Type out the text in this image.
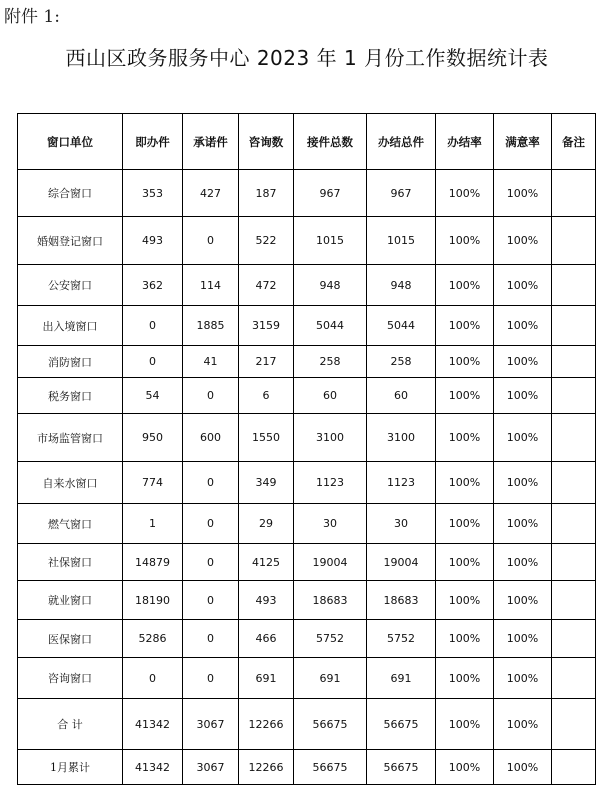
附件 1:
西山区政务服务中心 2023 年 1 月份工作数据统计表
窗口单位	即办件	承诺件	咨询数	接件总数	办结总件	办结率	满意率	备注
综合窗口	353	427	187	967	967	100%	100%	
婚姻登记窗口	493	0	522	1015	1015	100%	100%	
公安窗口	362	114	472	948	948	100%	100%	
出入境窗口	0	1885	3159	5044	5044	100%	100%	
消防窗口	0	41	217	258	258	100%	100%	
税务窗口	54	0	6	60	60	100%	100%	
市场监管窗口	950	600	1550	3100	3100	100%	100%	
自来水窗口	774	0	349	1123	1123	100%	100%	
燃气窗口	1	0	29	30	30	100%	100%	
社保窗口	14879	0	4125	19004	19004	100%	100%	
就业窗口	18190	0	493	18683	18683	100%	100%	
医保窗口	5286	0	466	5752	5752	100%	100%	
咨询窗口	0	0	691	691	691	100%	100%	
合 计	41342	3067	12266	56675	56675	100%	100%	
1月累计	41342	3067	12266	56675	56675	100%	100%	
